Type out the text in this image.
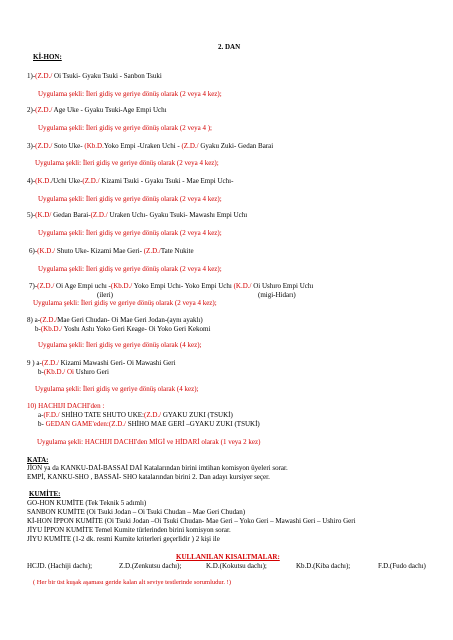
2. DAN
Kİ-HON:
1)-(Z.D./ Oi Tsuki- Gyaku Tsuki - Sanbon Tsuki
Uygulama şekli: İleri gidiş ve geriye dönüş olarak (2 veya 4 kez);
2)-(Z.D./ Age Uke - Gyaku Tsuki-Age Empi Uchı
Uygulama şekli: İleri gidiş ve geriye dönüş olarak (2 veya 4 );
3)-(Z.D./ Soto Uke- (Kb.D.Yoko Empi -Uraken Uchi - (Z.D./ Gyaku Zuki- Gedan Barai
Uygulama şekli: İleri gidiş ve geriye dönüş olarak (2 veya 4 kez);
4)-(K.D./Uchi Uke-(Z.D./ Kizami Tsuki - Gyaku Tsuki - Mae Empi Uchı-
Uygulama şekli: İleri gidiş ve geriye dönüş olarak (2 veya 4 kez);
5)-(K.D/ Gedan Barai-(Z.D./ Uraken Uchı- Gyaku Tsuki- Mawashı Empi Uchı
Uygulama şekli: İleri gidiş ve geriye dönüş olarak (2 veya 4 kez);
6)-(K.D./ Shuto Uke- Kizami Mae Geri- (Z.D./Tate Nukite
Uygulama şekli: İleri gidiş ve geriye dönüş olarak (2 veya 4 kez);
7)-(Z.D./ Oi Age Empi uchı -(Kb.D./ Yoko Empi Uchı- Yoko Empi Uchı (K.D./ Oi Ushıro Empi Uchı
(ileri)	(migi-Hidarı)
Uygulama şekli: İleri gidiş ve geriye dönüş olarak (2 veya 4 kez);
8) a-(Z.D./Mae Geri Chudan- Oi Mae Geri Jodan-(aynı ayaklı)
b-(Kb.D./ Yoshı Ashı Yoko Geri Keage- Oi Yoko Geri Kekomi
Uygulama şekli: İleri gidiş ve geriye dönüş olarak (4 kez);
9 ) a-(Z.D./ Kizami Mawashi Geri- Oi Mawashi Geri
b-(Kb.D./ Oi Ushıro Geri
Uygulama şekli: İleri gidiş ve geriye dönüş olarak (4 kez);
10) HACHIJI DACHI'den :
a-(F.D./ SHİHO TATE SHUTO UKE:(Z.D./ GYAKU ZUKI (TSUKİ)
b- GEDAN GAME'eden:(Z.D./ SHİHO MAE GERİ –GYAKU ZUKI (TSUKİ)
Uygulama şekli: HACHIJI DACHI'den MİGİ ve HİDARİ olarak (1 veya 2 kez)
KATA:
JİON ya da KANKU-DAİ-BASSAİ DAİ Katalarından birini imtihan komisyon üyeleri sorar.
EMPİ, KANKU-SHO , BASSAİ- SHO katalarından birini 2. Dan adayı kursiyer seçer.
KUMİTE:
GO-HON KUMİTE (Tek Teknik 5 adımlı)
SANBON KUMİTE (Oi Tsuki Jodan – Oi Tsuki Chudan – Mae Geri Chudan)
Kİ-HON İPPON KUMİTE (Oi Tsuki Jodan –Oi Tsuki Chudan- Mae Geri – Yoko Geri – Mawashi Geri – Ushiro Geri
JİYU İPPON KUMİTE Temel Kumite türlerinden birini komisyon sorar.
JİYU KUMİTE (1-2 dk. resmi Kumite kriterleri geçerlidir ) 2 kişi ile
KULLANILAN KISALTMALAR:
HCJD. (Hachiji dachı);	Z.D.(Zenkutsu dachı);	K.D.(Kokutsu dachı);	Kb.D.(Kiba dachı);	F.D.(Fudo dachı)
( Her bir üst kuşak aşaması geride kalan alt seviye testlerinde sorumludur. !)
